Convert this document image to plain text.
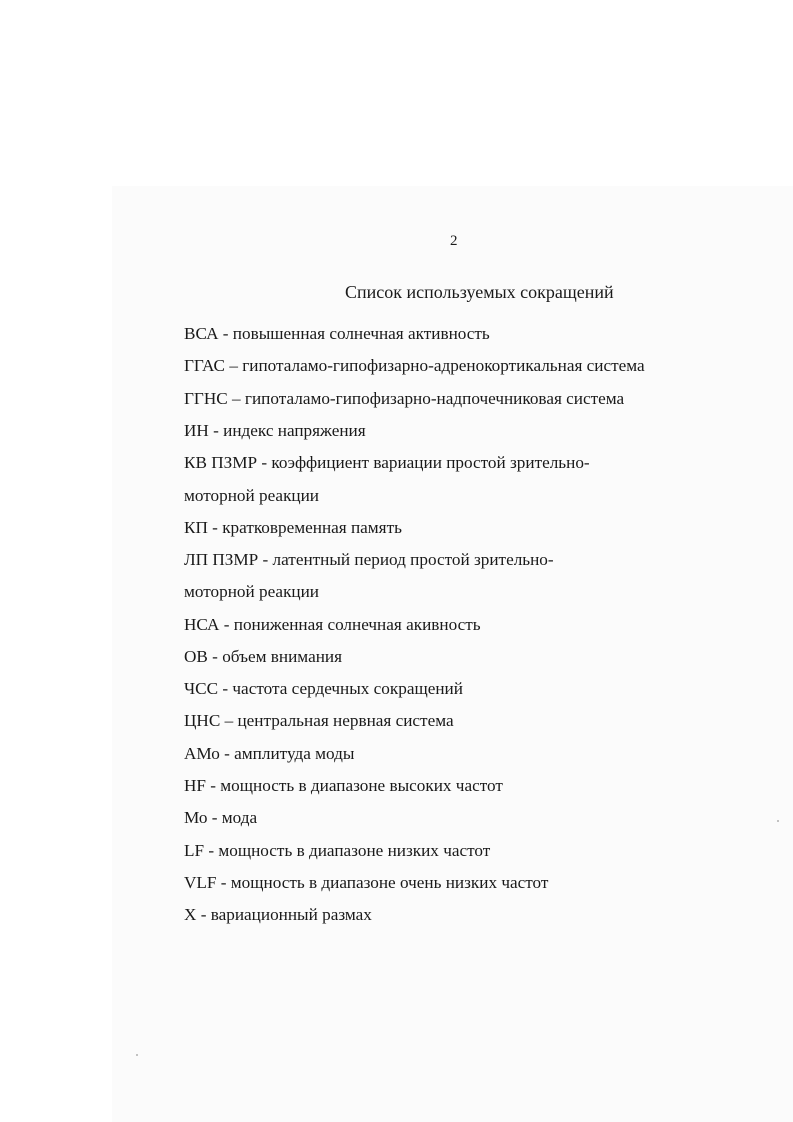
2
Список используемых сокращений
ВСА - повышенная солнечная активность
ГГАС – гипоталамо-гипофизарно-адренокортикальная система
ГГНС – гипоталамо-гипофизарно-надпочечниковая система
ИН - индекс напряжения
КВ ПЗМР - коэффициент вариации простой зрительно-
моторной реакции
КП - кратковременная память
ЛП ПЗМР - латентный период простой зрительно-
моторной реакции
НСА - пониженная солнечная акивность
ОВ - объем внимания
ЧСС - частота сердечных сокращений
ЦНС – центральная нервная система
АМо - амплитуда моды
HF - мощность в диапазоне высоких частот
Мо - мода
LF - мощность в диапазоне низких частот
VLF - мощность в диапазоне очень низких частот
Х - вариационный размах
